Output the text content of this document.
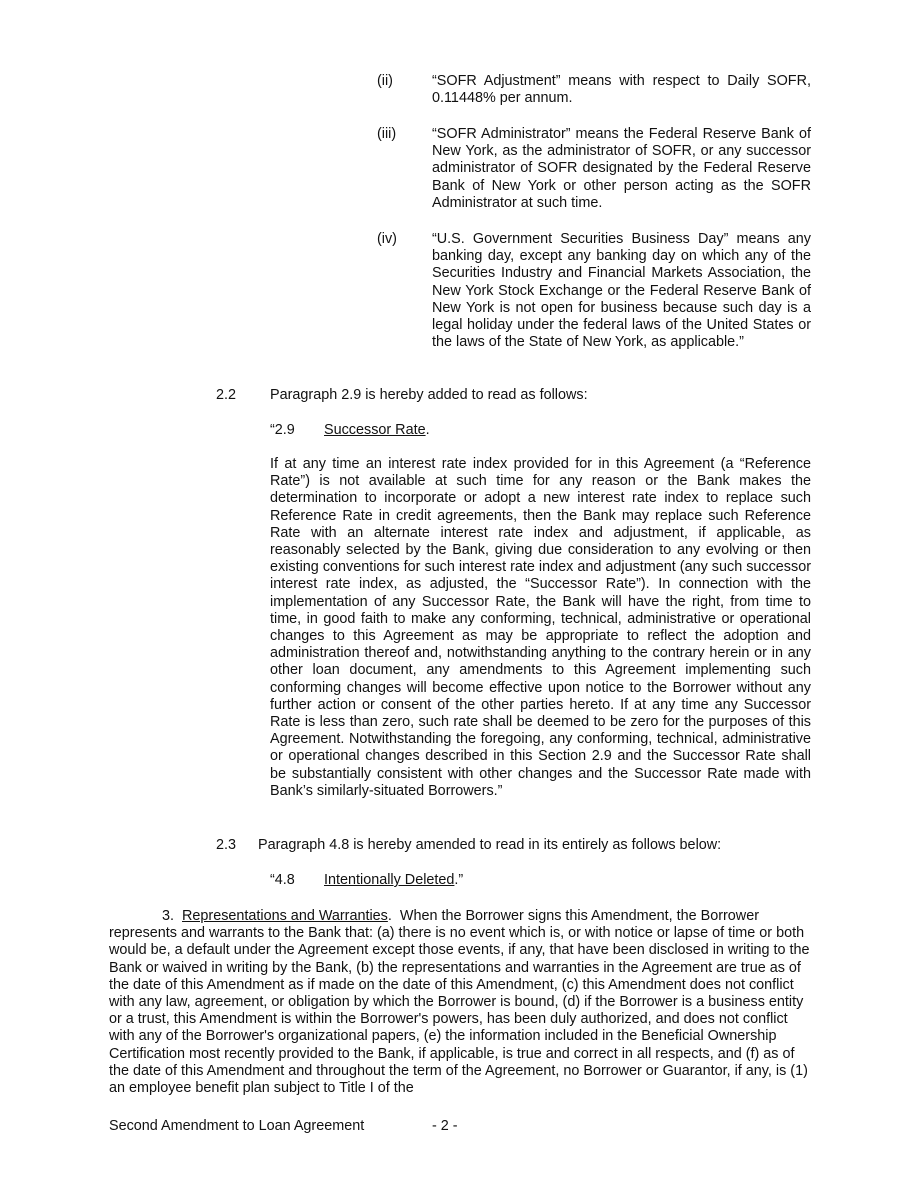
(ii)	“SOFR Adjustment” means with respect to Daily SOFR, 0.11448% per annum.
(iii) “SOFR Administrator” means the Federal Reserve Bank of New York, as the administrator of SOFR, or any successor administrator of SOFR designated by the Federal Reserve Bank of New York or other person acting as the SOFR Administrator at such time.
(iv) “U.S. Government Securities Business Day” means any banking day, except any banking day on which any of the Securities Industry and Financial Markets Association, the New York Stock Exchange or the Federal Reserve Bank of New York is not open for business because such day is a legal holiday under the federal laws of the United States or the laws of the State of New York, as applicable.”
2.2 Paragraph 2.9 is hereby added to read as follows:
“2.9 Successor Rate.
If at any time an interest rate index provided for in this Agreement (a “Reference Rate”) is not available at such time for any reason or the Bank makes the determination to incorporate or adopt a new interest rate index to replace such Reference Rate in credit agreements, then the Bank may replace such Reference Rate with an alternate interest rate index and adjustment, if applicable, as reasonably selected by the Bank, giving due consideration to any evolving or then existing conventions for such interest rate index and adjustment (any such successor interest rate index, as adjusted, the “Successor Rate”). In connection with the implementation of any Successor Rate, the Bank will have the right, from time to time, in good faith to make any conforming, technical, administrative or operational changes to this Agreement as may be appropriate to reflect the adoption and administration thereof and, notwithstanding anything to the contrary herein or in any other loan document, any amendments to this Agreement implementing such conforming changes will become effective upon notice to the Borrower without any further action or consent of the other parties hereto. If at any time any Successor Rate is less than zero, such rate shall be deemed to be zero for the purposes of this Agreement. Notwithstanding the foregoing, any conforming, technical, administrative or operational changes described in this Section 2.9 and the Successor Rate shall be substantially consistent with other changes and the Successor Rate made with Bank’s similarly-situated Borrowers.”
2.3 Paragraph 4.8 is hereby amended to read in its entirely as follows below:
“4.8 Intentionally Deleted.”
3. Representations and Warranties. When the Borrower signs this Amendment, the Borrower represents and warrants to the Bank that: (a) there is no event which is, or with notice or lapse of time or both would be, a default under the Agreement except those events, if any, that have been disclosed in writing to the Bank or waived in writing by the Bank, (b) the representations and warranties in the Agreement are true as of the date of this Amendment as if made on the date of this Amendment, (c) this Amendment does not conflict with any law, agreement, or obligation by which the Borrower is bound, (d) if the Borrower is a business entity or a trust, this Amendment is within the Borrower's powers, has been duly authorized, and does not conflict with any of the Borrower's organizational papers, (e) the information included in the Beneficial Ownership Certification most recently provided to the Bank, if applicable, is true and correct in all respects, and (f) as of the date of this Amendment and throughout the term of the Agreement, no Borrower or Guarantor, if any, is (1) an employee benefit plan subject to Title I of the
Second Amendment to Loan Agreement	- 2 -
